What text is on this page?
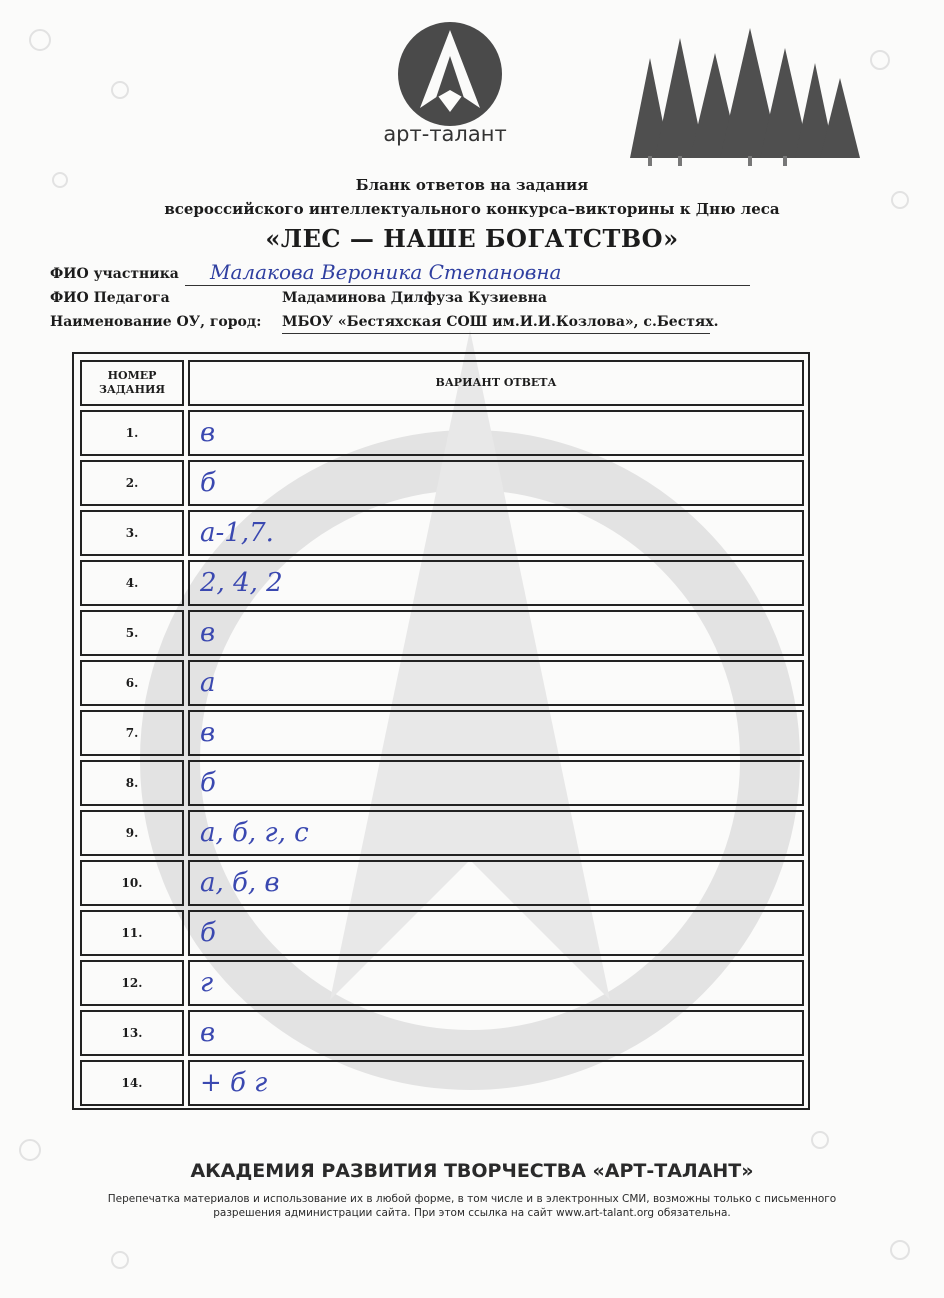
арт-талант
Бланк ответов на задания
всероссийского интеллектуального конкурса–викторины к Дню леса
«ЛЕС — НАШЕ БОГАТСТВО»
ФИО участника Малакова Вероника Степановна
ФИО Педагога	Мадаминова Дилфуза Кузиевна
Наименование ОУ, город: МБОУ «Бестяхская СОШ им.И.И.Козлова», с.Бестях.
НОМЕР ЗАДАНИЯ
ВАРИАНТ ОТВЕТА
1.	в
2.	б
3.	а-1,7.
4.	2, 4, 2
5.	в
6.	а
7.	в
8.	б
9.	а, б, г, с
10.	а, б, в
11.	б
12.	г
13.	в
14.	+ б г
АКАДЕМИЯ РАЗВИТИЯ ТВОРЧЕСТВА «АРТ-ТАЛАНТ»
Перепечатка материалов и использование их в любой форме, в том числе и в электронных СМИ, возможны только с письменного разрешения администрации сайта. При этом ссылка на сайт www.art-talant.org обязательна.
